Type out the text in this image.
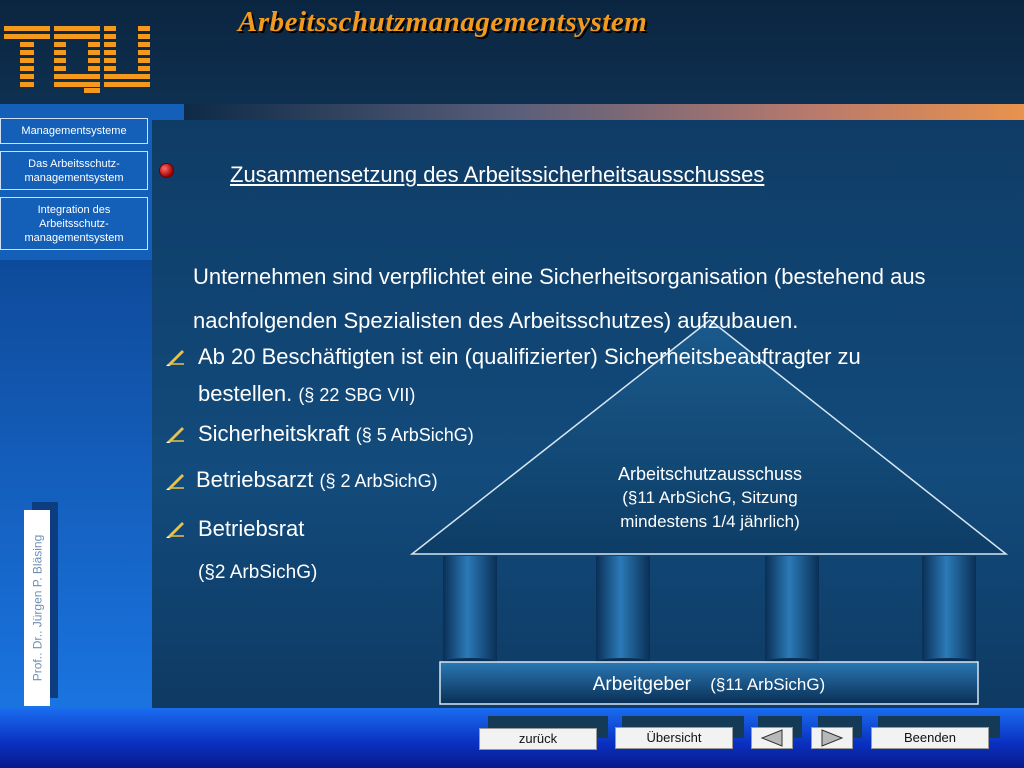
Arbeitsschutzmanagementsystem
Managementsysteme
Das Arbeitsschutz-managementsystem
Integration des Arbeitsschutz-managementsystem
Zusammensetzung des Arbeitssicherheitsausschusses
Unternehmen sind verpflichtet eine Sicherheitsorganisation (bestehend aus nachfolgenden Spezialisten des Arbeitsschutzes) aufzubauen.
Ab 20 Beschäftigten ist ein (qualifizierter) Sicherheitsbeauftragter zu
bestellen. (§ 22 SBG VII)
Sicherheitskraft (§ 5 ArbSichG)
Betriebsarzt (§ 2 ArbSichG)
Betriebsrat
(§2 ArbSichG)
Arbeitschutzausschuss
(§11 ArbSichG, Sitzung
mindestens 1/4 jährlich)
Arbeitgeber (§11 ArbSichG)
Prof.. Dr.. Jürgen P. Bläsing
zurück	Übersicht	Beenden
